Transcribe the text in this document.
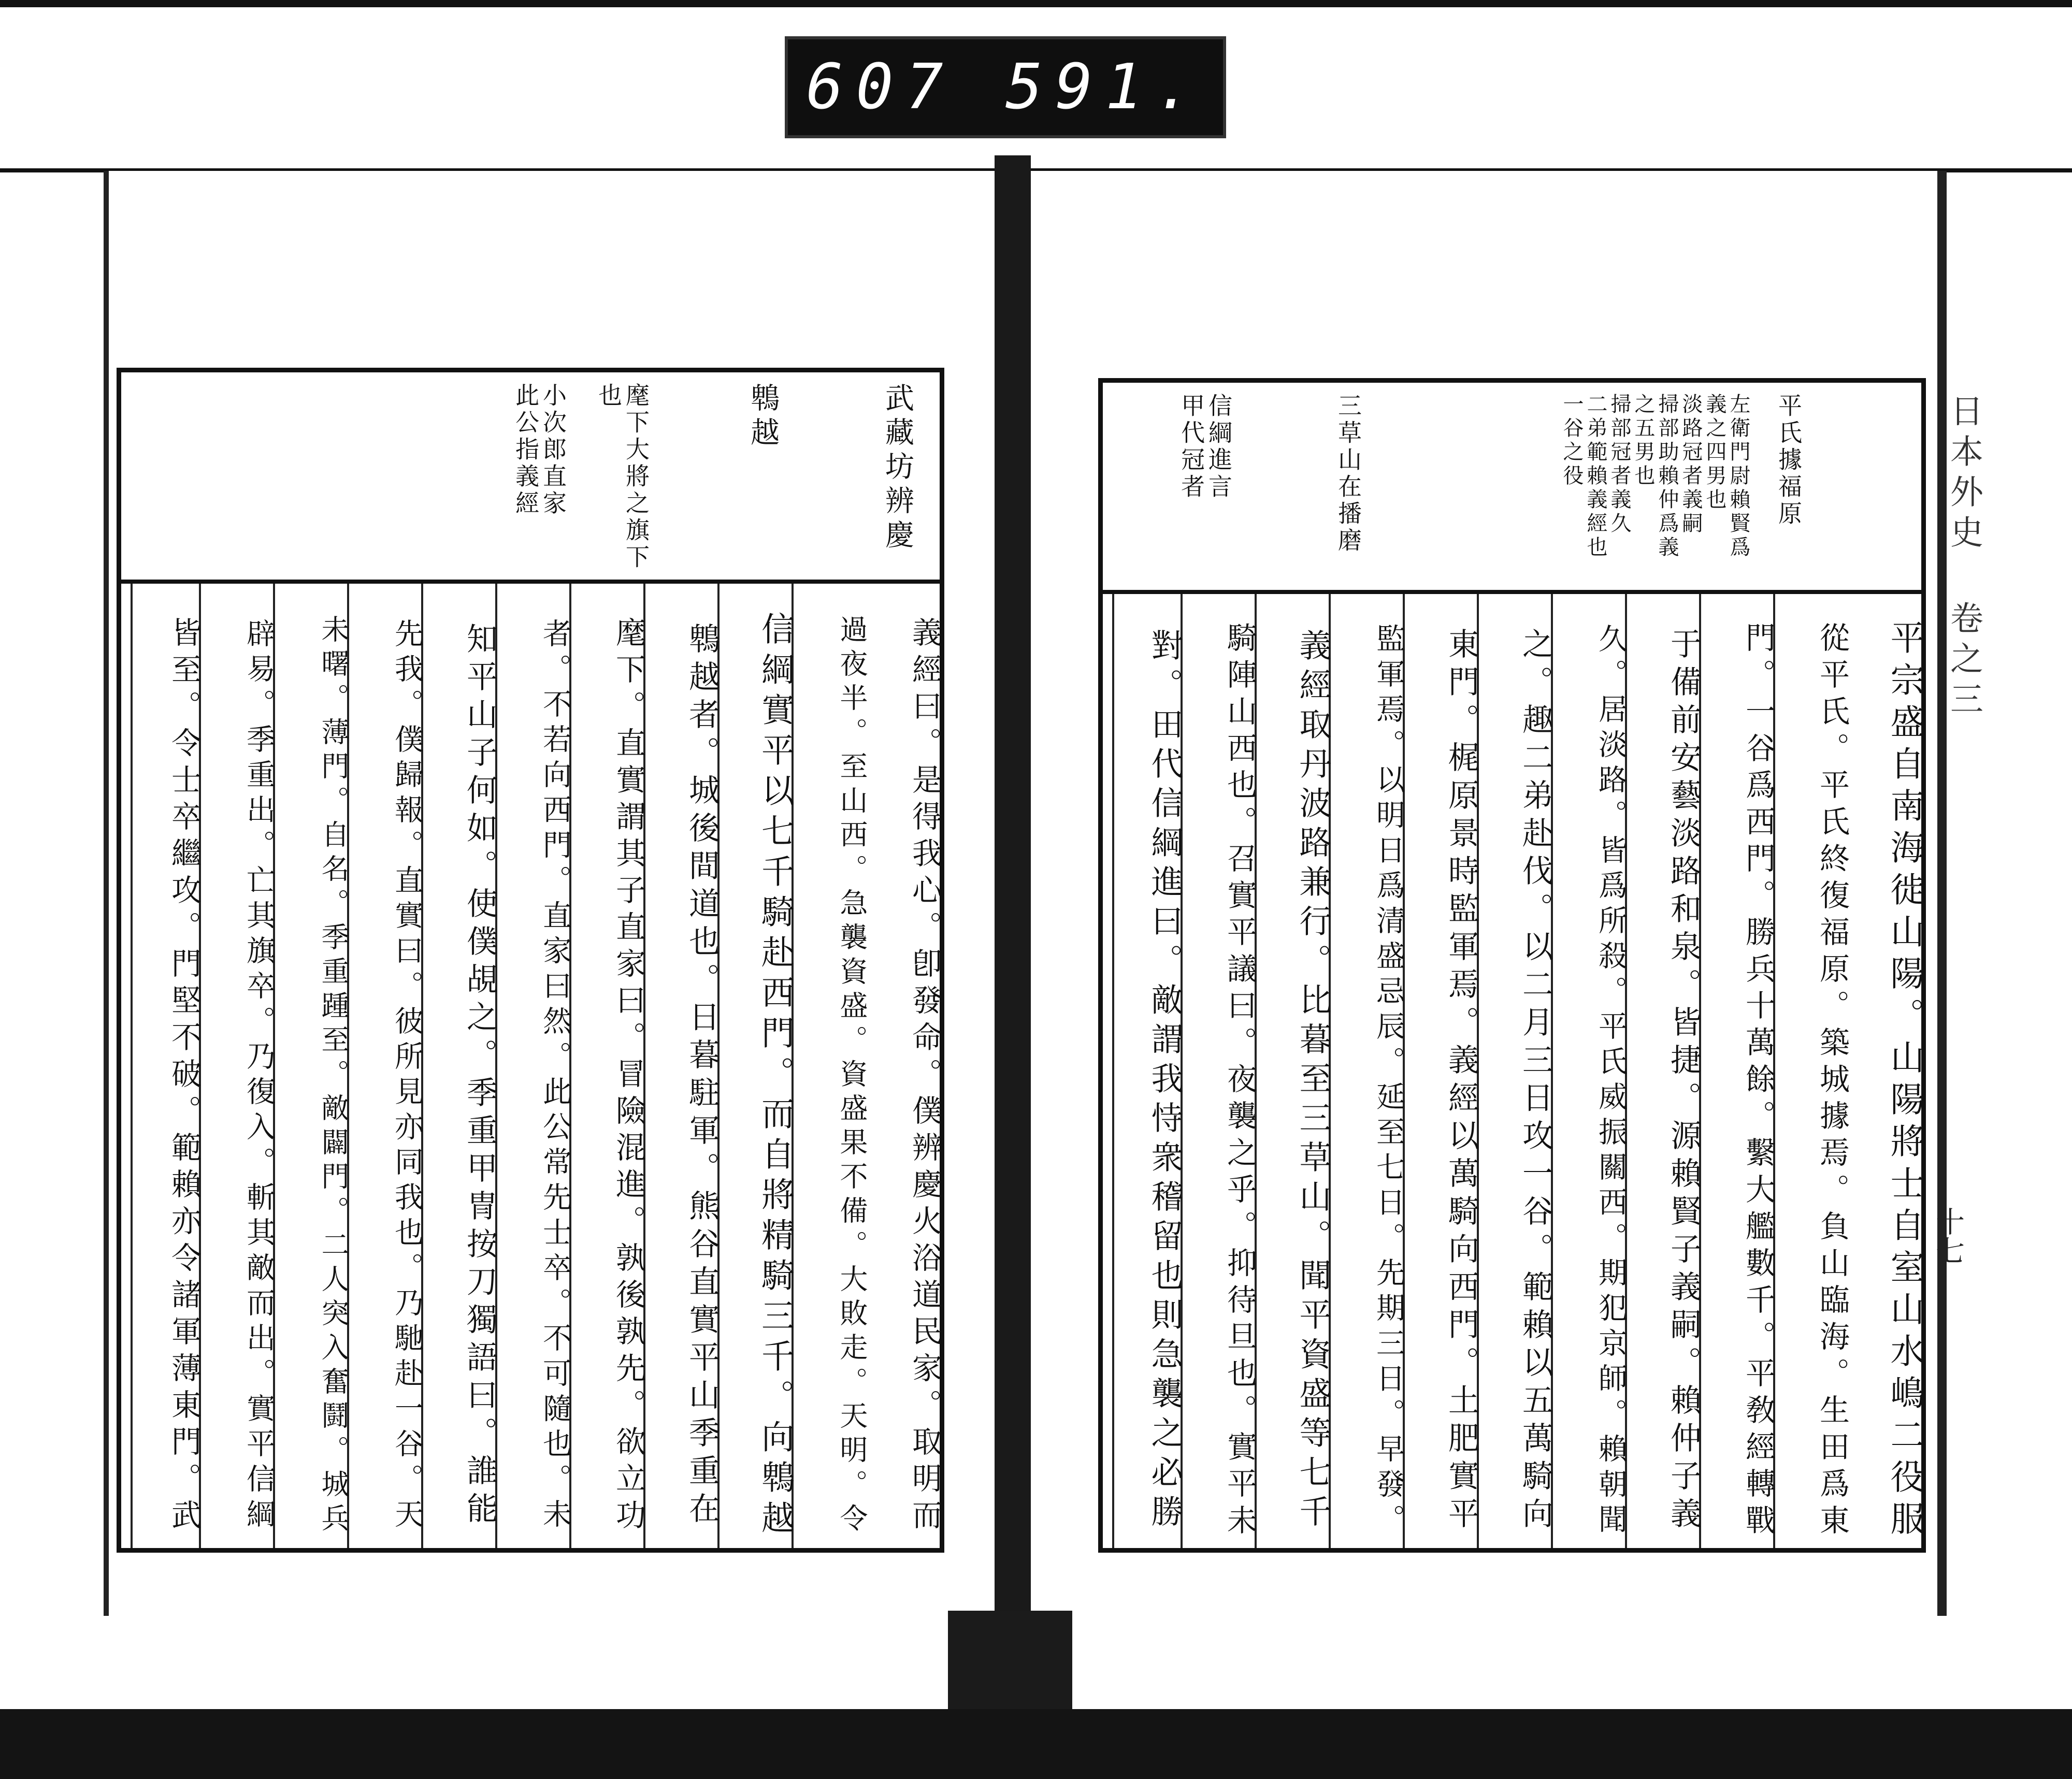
607 591.
日本外史 卷之三
十七
武藏坊辨慶
鵯越
麾下大將之旗下
也
小次郎直家
此公指義經
義經曰。是得我心。卽發命。僕辨慶火浴道民家。取明而
過夜半。至山西。急襲資盛。資盛果不備。大敗走。天明。令
信綱實平以七千騎赴西門。而自將精騎三千。向鵯越
鵯越者。城後間道也。日暮駐軍。熊谷直實平山季重在
麾下。直實謂其子直家曰。冒險混進。孰後孰先。欲立功
者。不若向西門。直家曰然。此公常先士卒。不可隨也。未
知平山子何如。使僕覘之。季重甲冑按刀獨語曰。誰能
先我。僕歸報。直實曰。彼所見亦同我也。乃馳赴一谷。天
未曙。薄門。自名。季重踵至。敵闢門。二人突入奮鬪。城兵
辟易。季重出。亡其旗卒。乃復入。斬其敵而出。實平信綱
皆至。令士卒繼攻。門堅不破。範賴亦令諸軍薄東門。武
平氏據福原
左衛門尉賴賢爲
義之四男也
淡路冠者義嗣
掃部助賴仲爲義
之五男也
掃部冠者義久
二弟範賴義經也
一谷之役
三草山在播磨
信綱進言
甲代冠者
平宗盛自南海徙山陽。山陽將士自室山水嶋二役服
從平氏。平氏終復福原。築城據焉。負山臨海。生田爲東
門。一谷爲西門。勝兵十萬餘。繫大艦數千。平敎經轉戰
于備前安藝淡路和泉。皆捷。源賴賢子義嗣。賴仲子義
久。居淡路。皆爲所殺。平氏威振關西。期犯京師。賴朝聞
之。趣二弟赴伐。以二月三日攻一谷。範賴以五萬騎向
東門。梶原景時監軍焉。義經以萬騎向西門。土肥實平
監軍焉。以明日爲清盛忌辰。延至七日。先期三日。早發。
義經取丹波路兼行。比暮至三草山。聞平資盛等七千
騎陣山西也。召實平議曰。夜襲之乎。抑待旦也。實平未
對。田代信綱進曰。敵謂我恃衆稽留也則急襲之必勝
